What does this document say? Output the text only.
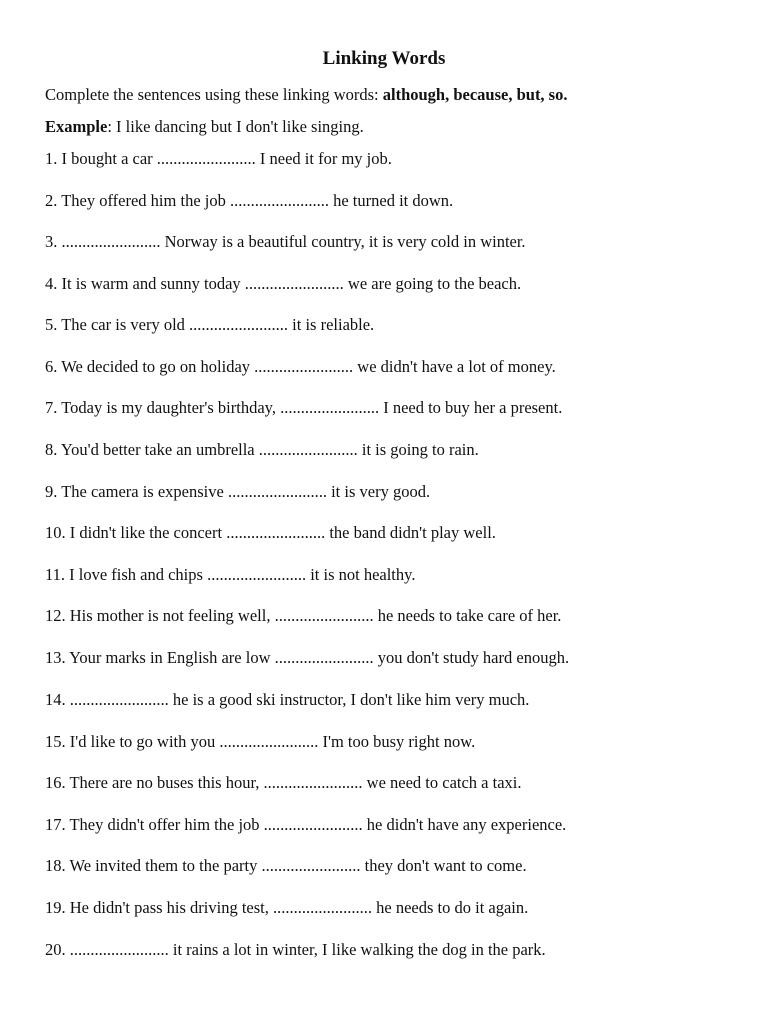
Linking Words
Complete the sentences using these linking words: although, because, but, so.
Example: I like dancing but I don't like singing.
1. I bought a car ........................ I need it for my job.
2. They offered him the job ........................ he turned it down.
3. ........................ Norway is a beautiful country, it is very cold in winter.
4. It is warm and sunny today ........................ we are going to the beach.
5. The car is very old ........................ it is reliable.
6. We decided to go on holiday ........................ we didn't have a lot of money.
7. Today is my daughter's birthday, ........................ I need to buy her a present.
8. You'd better take an umbrella ........................ it is going to rain.
9. The camera is expensive ........................ it is very good.
10. I didn't like the concert ........................ the band didn't play well.
11. I love fish and chips ........................ it is not healthy.
12. His mother is not feeling well, ........................ he needs to take care of her.
13. Your marks in English are low ........................ you don't study hard enough.
14. ........................ he is a good ski instructor, I don't like him very much.
15. I'd like to go with you ........................ I'm too busy right now.
16. There are no buses this hour, ........................ we need to catch a taxi.
17. They didn't offer him the job ........................ he didn't have any experience.
18. We invited them to the party ........................ they don't want to come.
19. He didn't pass his driving test, ........................ he needs to do it again.
20. ........................ it rains a lot in winter, I like walking the dog in the park.
